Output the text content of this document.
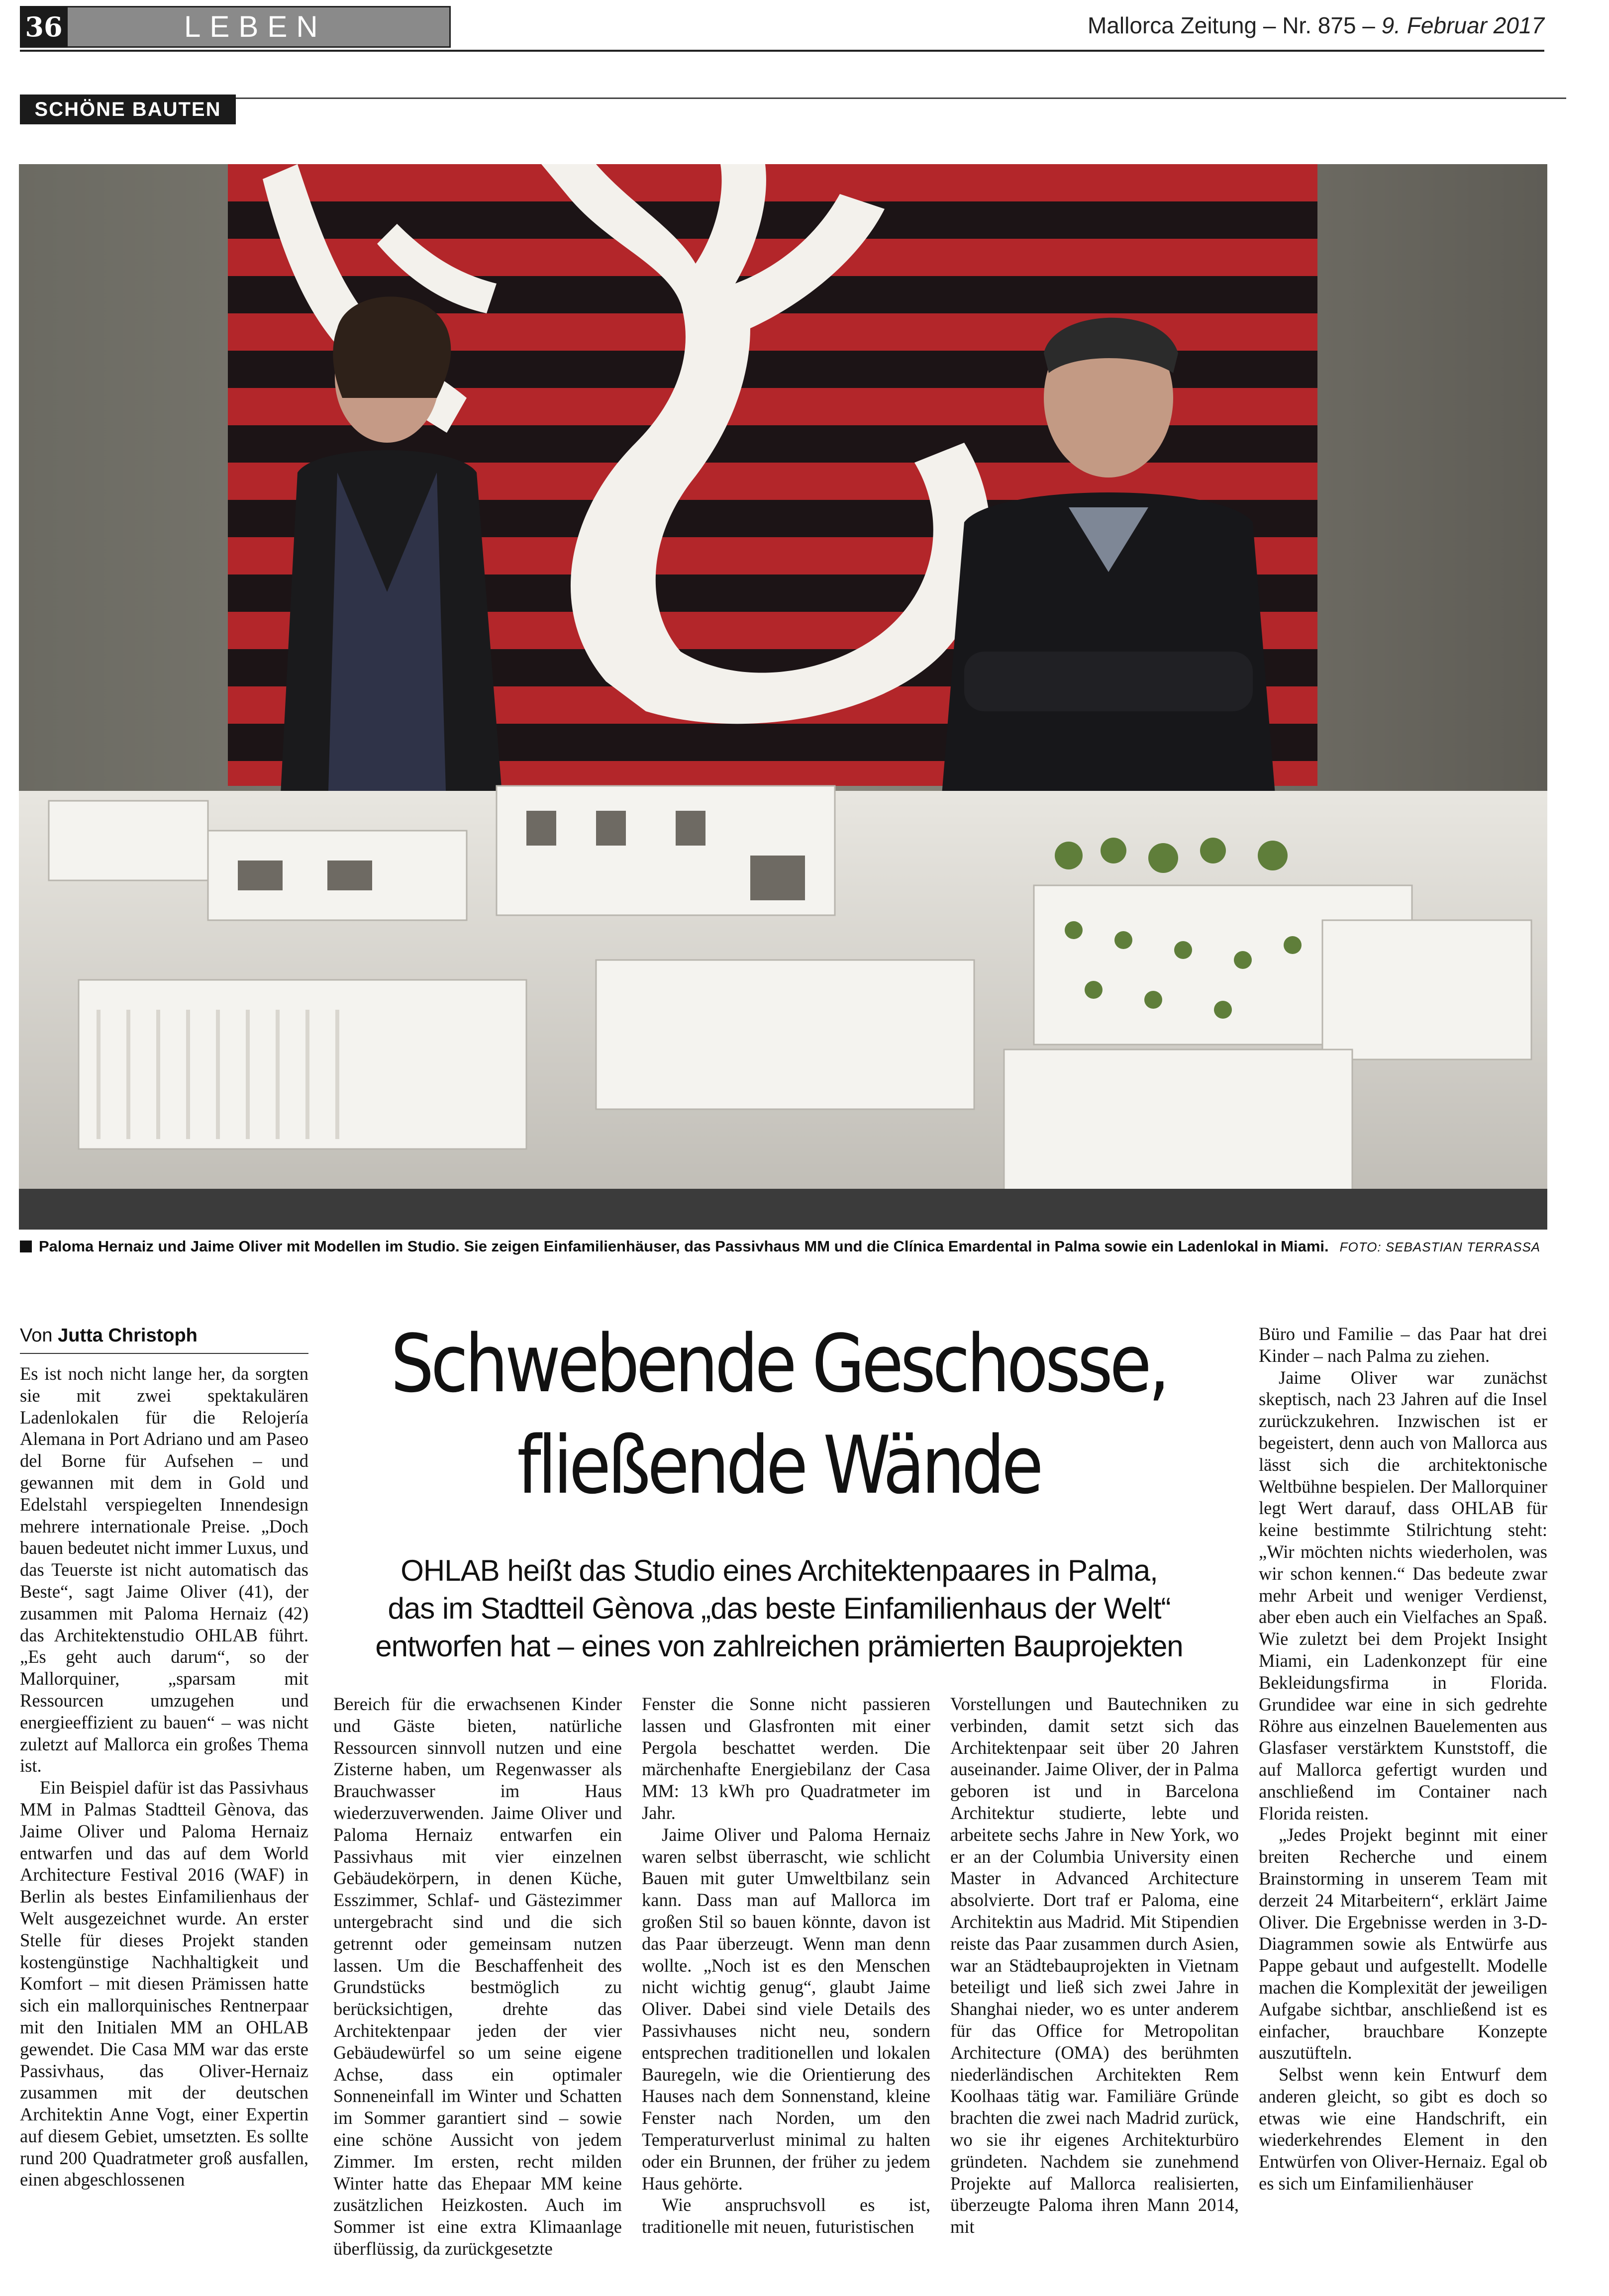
36	LEBEN	Mallorca Zeitung – Nr. 875 – 9. Februar 2017
SCHÖNE BAUTEN
Paloma Hernaiz und Jaime Oliver mit Modellen im Studio. Sie zeigen Einfamilienhäuser, das Passivhaus MM und die Clínica Emardental in Palma sowie ein Ladenlokal in Miami. FOTO: SEBASTIAN TERRASSA
Von Jutta Christoph Schwebende Geschosse,
fließende Wände
OHLAB heißt das Studio eines Architektenpaares in Palma,
das im Stadtteil Gènova „das beste Einfamilienhaus der Welt“
entworfen hat – eines von zahlreichen prämierten Bauprojekten

Es ist noch nicht lange her, da sorgten sie mit zwei spektakulären Ladenlokalen für die Relojería Alemana in Port Adriano und am Paseo del Borne für Aufsehen – und gewannen mit dem in Gold und Edelstahl verspiegelten Innendesign mehrere internationale Preise. „Doch bauen bedeutet nicht immer Luxus, und das Teuerste ist nicht automatisch das Beste“, sagt Jaime Oliver (41), der zusammen mit Paloma Hernaiz (42) das Architektenstudio OHLAB führt. „Es geht auch darum“, so der Mallorquiner, „sparsam mit Ressourcen umzugehen und energieeffizient zu bauen“ – was nicht zuletzt auf Mallorca ein großes Thema ist.

Ein Beispiel dafür ist das Passivhaus MM in Palmas Stadtteil Gènova, das Jaime Oliver und Paloma Hernaiz entwarfen und das auf dem World Architecture Festival 2016 (WAF) in Berlin als bestes Einfamilienhaus der Welt ausgezeichnet wurde. An erster Stelle für dieses Projekt standen kostengünstige Nachhaltigkeit und Komfort – mit diesen Prämissen hatte sich ein mallorquinisches Rentnerpaar mit den Initialen MM an OHLAB gewendet. Die Casa MM war das erste Passivhaus, das Oliver-Hernaiz zusammen mit der deutschen Architektin Anne Vogt, einer Expertin auf diesem Gebiet, umsetzten. Es sollte rund 200 Quadratmeter groß ausfallen, einen abgeschlossenen

Bereich für die erwachsenen Kinder und Gäste bieten, natürliche Ressourcen sinnvoll nutzen und eine Zisterne haben, um Regenwasser als Brauchwasser im Haus wiederzuverwenden. Jaime Oliver und Paloma Hernaiz entwarfen ein Passivhaus mit vier einzelnen Gebäudekörpern, in denen Küche, Esszimmer, Schlaf- und Gästezimmer untergebracht sind und die sich getrennt oder gemeinsam nutzen lassen. Um die Beschaffenheit des Grundstücks bestmöglich zu berücksichtigen, drehte das Architektenpaar jeden der vier Gebäudewürfel so um seine eigene Achse, dass ein optimaler Sonneneinfall im Winter und Schatten im Sommer garantiert sind – sowie eine schöne Aussicht von jedem Zimmer. Im ersten, recht milden Winter hatte das Ehepaar MM keine zusätzlichen Heizkosten. Auch im Sommer ist eine extra Klimaanlage überflüssig, da zurückgesetzte

Fenster die Sonne nicht passieren lassen und Glasfronten mit einer Pergola beschattet werden. Die märchenhafte Energiebilanz der Casa MM: 13 kWh pro Quadratmeter im Jahr.

Jaime Oliver und Paloma Hernaiz waren selbst überrascht, wie schlicht Bauen mit guter Umweltbilanz sein kann. Dass man auf Mallorca im großen Stil so bauen könnte, davon ist das Paar überzeugt. Wenn man denn wollte. „Noch ist es den Menschen nicht wichtig genug“, glaubt Jaime Oliver. Dabei sind viele Details des Passivhauses nicht neu, sondern entsprechen traditionellen und lokalen Bauregeln, wie die Orientierung des Hauses nach dem Sonnenstand, kleine Fenster nach Norden, um den Temperaturverlust minimal zu halten oder ein Brunnen, der früher zu jedem Haus gehörte.

Wie anspruchsvoll es ist, traditionelle mit neuen, futuristischen

Vorstellungen und Bautechniken zu verbinden, damit setzt sich das Architektenpaar seit über 20 Jahren auseinander. Jaime Oliver, der in Palma geboren ist und in Barcelona Architektur studierte, lebte und arbeitete sechs Jahre in New York, wo er an der Columbia University einen Master in Advanced Architecture absolvierte. Dort traf er Paloma, eine Architektin aus Madrid. Mit Stipendien reiste das Paar zusammen durch Asien, war an Städtebauprojekten in Vietnam beteiligt und ließ sich zwei Jahre in Shanghai nieder, wo es unter anderem für das Office for Metropolitan Architecture (OMA) des berühmten niederländischen Architekten Rem Koolhaas tätig war. Familiäre Gründe brachten die zwei nach Madrid zurück, wo sie ihr eigenes Architekturbüro gründeten. Nachdem sie zunehmend Projekte auf Mallorca realisierten, überzeugte Paloma ihren Mann 2014, mit

Büro und Familie – das Paar hat drei Kinder – nach Palma zu ziehen.

Jaime Oliver war zunächst skeptisch, nach 23 Jahren auf die Insel zurückzukehren. Inzwischen ist er begeistert, denn auch von Mallorca aus lässt sich die architektonische Weltbühne bespielen. Der Mallorquiner legt Wert darauf, dass OHLAB für keine bestimmte Stilrichtung steht: „Wir möchten nichts wiederholen, was wir schon kennen.“ Das bedeute zwar mehr Arbeit und weniger Verdienst, aber eben auch ein Vielfaches an Spaß. Wie zuletzt bei dem Projekt Insight Miami, ein Ladenkonzept für eine Bekleidungsfirma in Florida. Grundidee war eine in sich gedrehte Röhre aus einzelnen Bauelementen aus Glasfaser verstärktem Kunststoff, die auf Mallorca gefertigt wurden und anschließend im Container nach Florida reisten.

„Jedes Projekt beginnt mit einer breiten Recherche und einem Brainstorming in unserem Team mit derzeit 24 Mitarbeitern“, erklärt Jaime Oliver. Die Ergebnisse werden in 3-D-Diagrammen sowie als Entwürfe aus Pappe gebaut und aufgestellt. Modelle machen die Komplexität der jeweiligen Aufgabe sichtbar, anschließend ist es einfacher, brauchbare Konzepte auszutüfteln.

Selbst wenn kein Entwurf dem anderen gleicht, so gibt es doch so etwas wie eine Handschrift, ein wiederkehrendes Element in den Entwürfen von Oliver-Hernaiz. Egal ob es sich um Einfamilienhäuser
